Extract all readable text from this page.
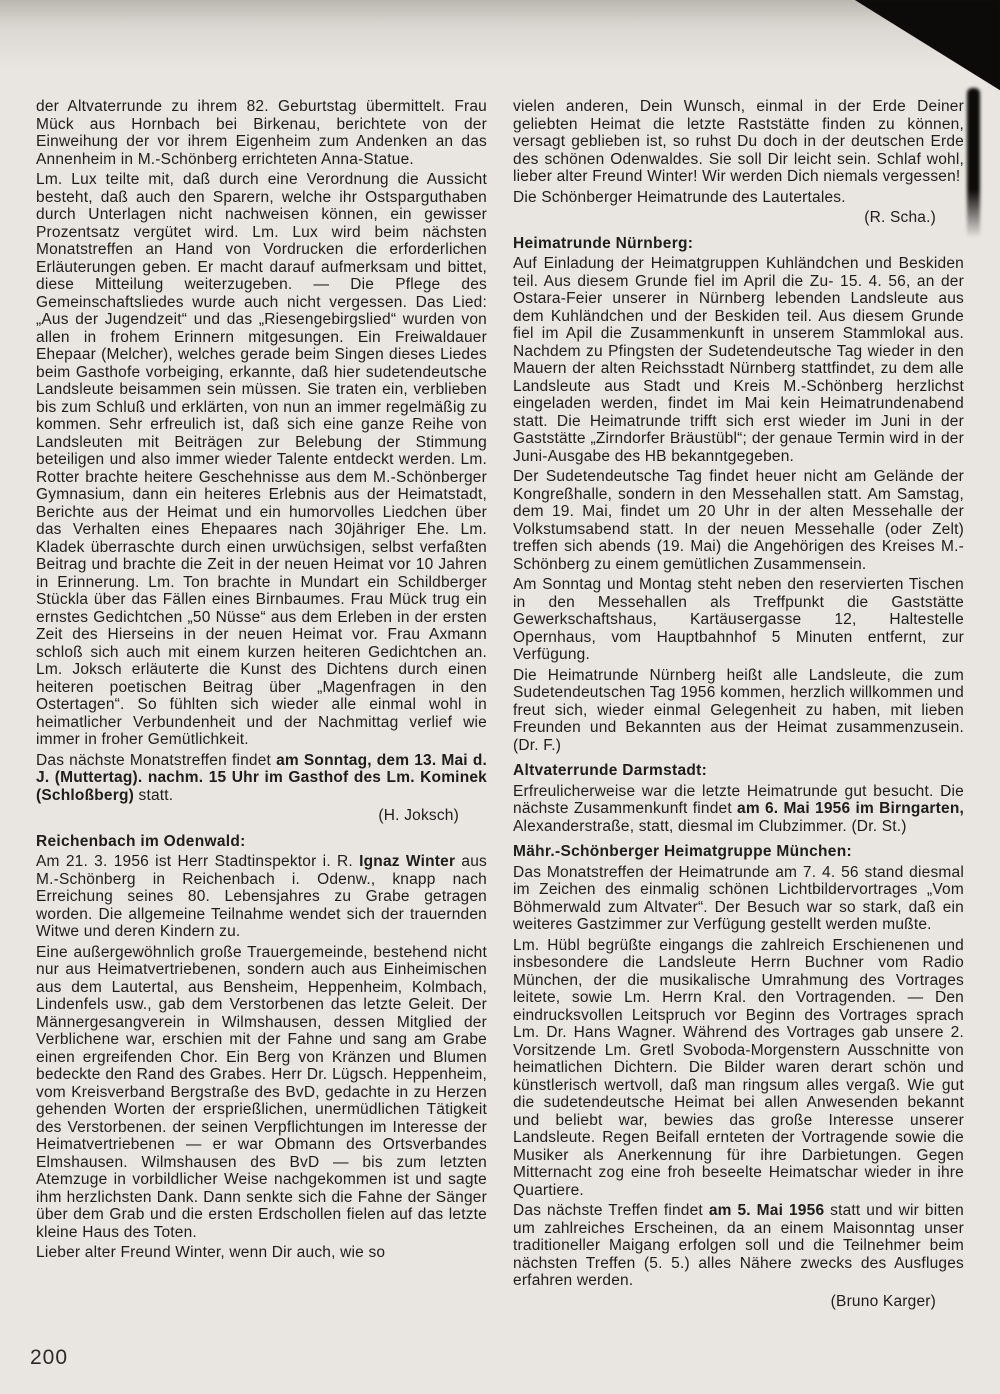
der Altvaterrunde zu ihrem 82. Geburtstag übermittelt. Frau Mück aus Hornbach bei Birkenau, berichtete von der Einweihung der vor ihrem Eigenheim zum Andenken an das Annenheim in M.-Schönberg errichteten Anna-Statue.
Lm. Lux teilte mit, daß durch eine Verordnung die Aussicht besteht, daß auch den Sparern, welche ihr Ostsparguthaben durch Unterlagen nicht nachweisen können, ein gewisser Prozentsatz vergütet wird. Lm. Lux wird beim nächsten Monatstreffen an Hand von Vordrucken die erforderlichen Erläuterungen geben. Er macht darauf aufmerksam und bittet, diese Mitteilung weiterzugeben. — Die Pflege des Gemeinschaftsliedes wurde auch nicht vergessen. Das Lied: „Aus der Jugendzeit“ und das „Riesengebirgslied“ wurden von allen in frohem Erinnern mitgesungen. Ein Freiwaldauer Ehepaar (Melcher), welches gerade beim Singen dieses Liedes beim Gasthofe vorbeiging, erkannte, daß hier sudetendeutsche Landsleute beisammen sein müssen. Sie traten ein, verblieben bis zum Schluß und erklärten, von nun an immer regelmäßig zu kommen. Sehr erfreulich ist, daß sich eine ganze Reihe von Landsleuten mit Beiträgen zur Belebung der Stimmung beteiligen und also immer wieder Talente entdeckt werden. Lm. Rotter brachte heitere Geschehnisse aus dem M.-Schönberger Gymnasium, dann ein heiteres Erlebnis aus der Heimatstadt, Berichte aus der Heimat und ein humorvolles Liedchen über das Verhalten eines Ehepaares nach 30jähriger Ehe. Lm. Kladek überraschte durch einen urwüchsigen, selbst verfaßten Beitrag und brachte die Zeit in der neuen Heimat vor 10 Jahren in Erinnerung. Lm. Ton brachte in Mundart ein Schildberger Stückla über das Fällen eines Birnbaumes. Frau Mück trug ein ernstes Gedichtchen „50 Nüsse“ aus dem Erleben in der ersten Zeit des Hierseins in der neuen Heimat vor. Frau Axmann schloß sich auch mit einem kurzen heiteren Gedichtchen an. Lm. Joksch erläuterte die Kunst des Dichtens durch einen heiteren poetischen Beitrag über „Magenfragen in den Ostertagen“. So fühlten sich wieder alle einmal wohl in heimatlicher Verbundenheit und der Nachmittag verlief wie immer in froher Gemütlichkeit.
Das nächste Monatstreffen findet am Sonntag, dem 13. Mai d. J. (Muttertag). nachm. 15 Uhr im Gasthof des Lm. Kominek (Schloßberg) statt.
(H. Joksch)
Reichenbach im Odenwald:
Am 21. 3. 1956 ist Herr Stadtinspektor i. R. Ignaz Winter aus M.-Schönberg in Reichenbach i. Odenw., knapp nach Erreichung seines 80. Lebensjahres zu Grabe getragen worden. Die allgemeine Teilnahme wendet sich der trauernden Witwe und deren Kindern zu.
Eine außergewöhnlich große Trauergemeinde, bestehend nicht nur aus Heimatvertriebenen, sondern auch aus Einheimischen aus dem Lautertal, aus Bensheim, Heppenheim, Kolmbach, Lindenfels usw., gab dem Verstorbenen das letzte Geleit. Der Männergesangverein in Wilmshausen, dessen Mitglied der Verblichene war, erschien mit der Fahne und sang am Grabe einen ergreifenden Chor. Ein Berg von Kränzen und Blumen bedeckte den Rand des Grabes. Herr Dr. Lügsch. Heppenheim, vom Kreisverband Bergstraße des BvD, gedachte in zu Herzen gehenden Worten der ersprießlichen, unermüdlichen Tätigkeit des Verstorbenen. der seinen Verpflichtungen im Interesse der Heimatvertriebenen — er war Obmann des Ortsverbandes Elmshausen. Wilmshausen des BvD — bis zum letzten Atemzuge in vorbildlicher Weise nachgekommen ist und sagte ihm herzlichsten Dank. Dann senkte sich die Fahne der Sänger über dem Grab und die ersten Erdschollen fielen auf das letzte kleine Haus des Toten.
Lieber alter Freund Winter, wenn Dir auch, wie so
vielen anderen, Dein Wunsch, einmal in der Erde Deiner geliebten Heimat die letzte Raststätte finden zu können, versagt geblieben ist, so ruhst Du doch in der deutschen Erde des schönen Odenwaldes. Sie soll Dir leicht sein. Schlaf wohl, lieber alter Freund Winter! Wir werden Dich niemals vergessen!
Die Schönberger Heimatrunde des Lautertales.
(R. Scha.)
Heimatrunde Nürnberg:
Auf Einladung der Heimatgruppen Kuhländchen und Beskiden teil. Aus diesem Grunde fiel im April die Zu- 15. 4. 56, an der Ostara-Feier unserer in Nürnberg lebenden Landsleute aus dem Kuhländchen und der Beskiden teil. Aus diesem Grunde fiel im Apil die Zusammenkunft in unserem Stammlokal aus. Nachdem zu Pfingsten der Sudetendeutsche Tag wieder in den Mauern der alten Reichsstadt Nürnberg stattfindet, zu dem alle Landsleute aus Stadt und Kreis M.-Schönberg herzlichst eingeladen werden, findet im Mai kein Heimatrundenabend statt. Die Heimatrunde trifft sich erst wieder im Juni in der Gaststätte „Zirndorfer Bräustübl“; der genaue Termin wird in der Juni-Ausgabe des HB bekanntgegeben.
Der Sudetendeutsche Tag findet heuer nicht am Gelände der Kongreßhalle, sondern in den Messehallen statt. Am Samstag, dem 19. Mai, findet um 20 Uhr in der alten Messehalle der Volkstumsabend statt. In der neuen Messehalle (oder Zelt) treffen sich abends (19. Mai) die Angehörigen des Kreises M.-Schönberg zu einem gemütlichen Zusammensein.
Am Sonntag und Montag steht neben den reservierten Tischen in den Messehallen als Treffpunkt die Gaststätte Gewerkschaftshaus, Kartäusergasse 12, Haltestelle Opernhaus, vom Hauptbahnhof 5 Minuten entfernt, zur Verfügung.
Die Heimatrunde Nürnberg heißt alle Landsleute, die zum Sudetendeutschen Tag 1956 kommen, herzlich willkommen und freut sich, wieder einmal Gelegenheit zu haben, mit lieben Freunden und Bekannten aus der Heimat zusammenzusein. (Dr. F.)
Altvaterrunde Darmstadt:
Erfreulicherweise war die letzte Heimatrunde gut besucht. Die nächste Zusammenkunft findet am 6. Mai 1956 im Birngarten, Alexanderstraße, statt, diesmal im Clubzimmer. (Dr. St.)
Mähr.-Schönberger Heimatgruppe München:
Das Monatstreffen der Heimatrunde am 7. 4. 56 stand diesmal im Zeichen des einmalig schönen Lichtbildervortrages „Vom Böhmerwald zum Altvater“. Der Besuch war so stark, daß ein weiteres Gastzimmer zur Verfügung gestellt werden mußte.
Lm. Hübl begrüßte eingangs die zahlreich Erschienenen und insbesondere die Landsleute Herrn Buchner vom Radio München, der die musikalische Umrahmung des Vortrages leitete, sowie Lm. Herrn Kral. den Vortragenden. — Den eindrucksvollen Leitspruch vor Beginn des Vortrages sprach Lm. Dr. Hans Wagner. Während des Vortrages gab unsere 2. Vorsitzende Lm. Gretl Svoboda-Morgenstern Ausschnitte von heimatlichen Dichtern. Die Bilder waren derart schön und künstlerisch wertvoll, daß man ringsum alles vergaß. Wie gut die sudetendeutsche Heimat bei allen Anwesenden bekannt und beliebt war, bewies das große Interesse unserer Landsleute. Regen Beifall ernteten der Vortragende sowie die Musiker als Anerkennung für ihre Darbietungen. Gegen Mitternacht zog eine froh beseelte Heimatschar wieder in ihre Quartiere.
Das nächste Treffen findet am 5. Mai 1956 statt und wir bitten um zahlreiches Erscheinen, da an einem Maisonntag unser traditioneller Maigang erfolgen soll und die Teilnehmer beim nächsten Treffen (5. 5.) alles Nähere zwecks des Ausfluges erfahren werden.
(Bruno Karger)
200
